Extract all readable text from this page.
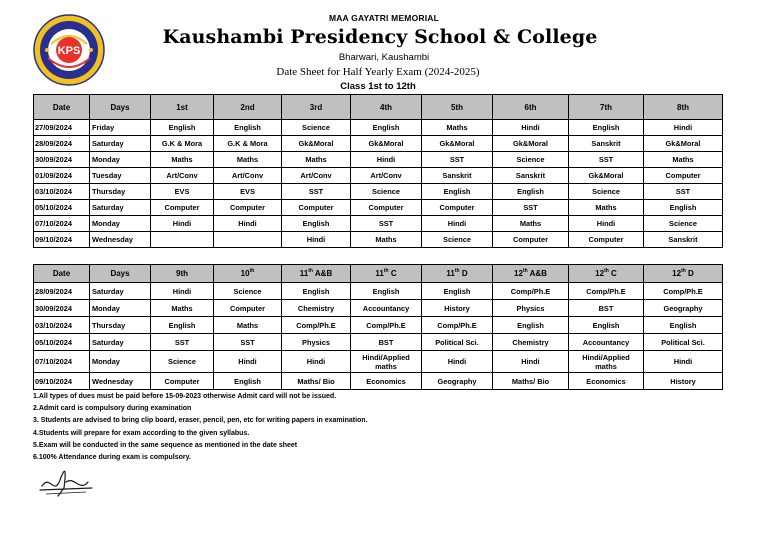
KPS
MAA GAYATRI MEMORIAL
Kaushambi Presidency School & College
Bharwari, Kaushambi
Date Sheet for Half Yearly Exam (2024-2025)
Class 1st to 12th
Date	Days	1st	2nd	3rd	4th	5th	6th	7th	8th
27/09/2024	Friday	English	English	Science	English	Maths	Hindi	English	Hindi
28/09/2024	Saturday	G.K & Mora	G.K & Mora	Gk&Moral	Gk&Moral	Gk&Moral	Gk&Moral	Sanskrit	Gk&Moral
30/09/2024	Monday	Maths	Maths	Maths	Hindi	SST	Science	SST	Maths
01/09/2024	Tuesday	Art/Conv	Art/Conv	Art/Conv	Art/Conv	Sanskrit	Sanskrit	Gk&Moral	Computer
03/10/2024	Thursday	EVS	EVS	SST	Science	English	English	Science	SST
05/10/2024	Saturday	Computer	Computer	Computer	Computer	Computer	SST	Maths	English
07/10/2024	Monday	Hindi	Hindi	English	SST	Hindi	Maths	Hindi	Science
09/10/2024	Wednesday			Hindi	Maths	Science	Computer	Computer	Sanskrit
Date	Days	9th	10th	11th A&B	11th C	11th D	12th A&B	12th C	12th D
28/09/2024	Saturday	Hindi	Science	English	English	English	Comp/Ph.E	Comp/Ph.E	Comp/Ph.E
30/09/2024	Monday	Maths	Computer	Chemistry	Accountancy	History	Physics	BST	Geography
03/10/2024	Thursday	English	Maths	Comp/Ph.E	Comp/Ph.E	Comp/Ph.E	English	English	English
05/10/2024	Saturday	SST	SST	Physics	BST	Political Sci.	Chemistry	Accountancy	Political Sci.
07/10/2024	Monday	Science	Hindi	Hindi	Hindi/Applied maths	Hindi	Hindi	Hindi/Applied maths	Hindi
09/10/2024	Wednesday	Computer	English	Maths/ Bio	Economics	Geography	Maths/ Bio	Economics	History
1.All types of dues must be paid before 15-09-2023 otherwise Admit card will not be issued.
2.Admit card is compulsory during examination
3. Students are advised to bring clip board, eraser, pencil, pen, etc for writing papers in examination.
4.Students will prepare for exam according to the given syllabus.
5.Exam will be conducted in the same sequence as mentioned in the date sheet
6.100% Attendance during exam is compulsory.
